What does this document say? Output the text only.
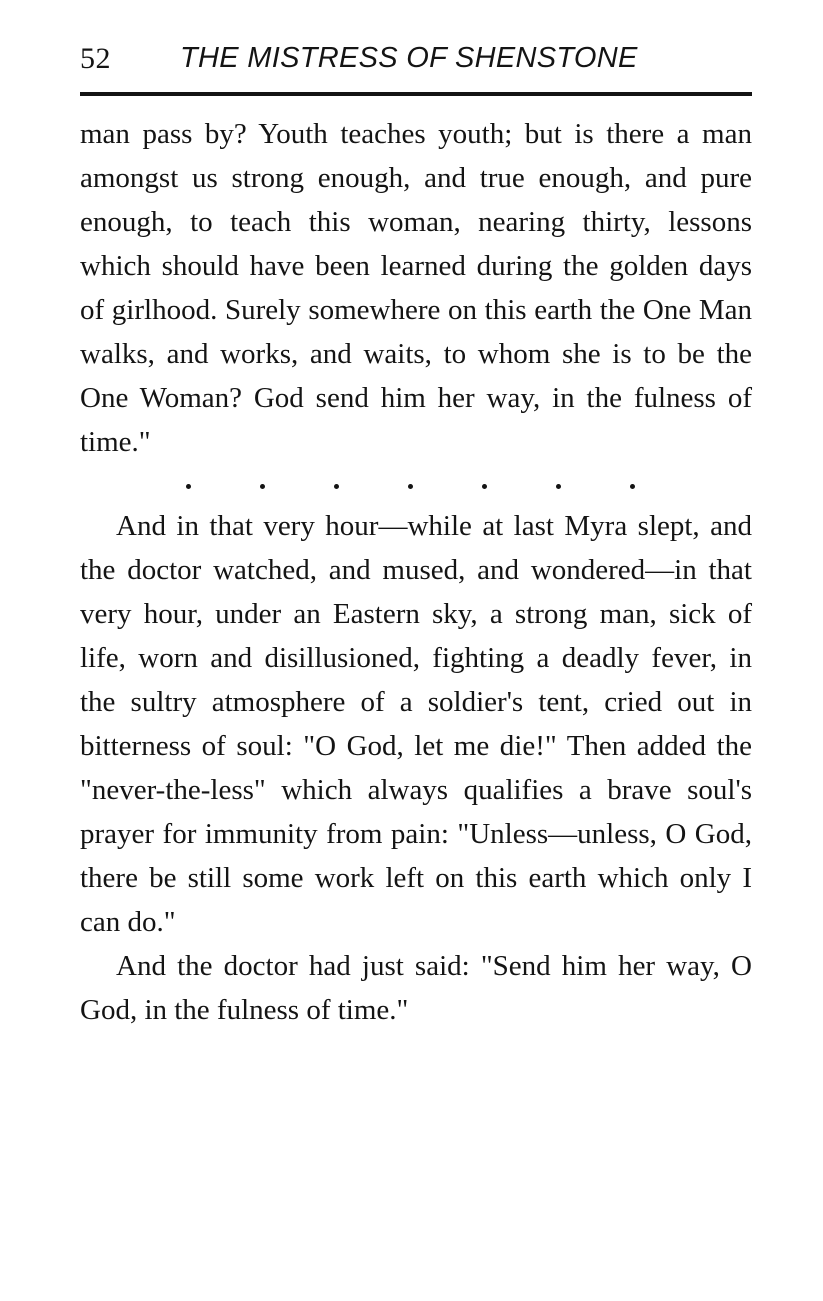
52 THE MISTRESS OF SHENSTONE

man pass by? Youth teaches youth; but is there a man amongst us strong enough, and true enough, and pure enough, to teach this woman, nearing thirty, lessons which should have been learned during the golden days of girlhood. Surely somewhere on this earth the One Man walks, and works, and waits, to whom she is to be the One Woman? God send him her way, in the fulness of time."

And in that very hour—while at last Myra slept, and the doctor watched, and mused, and wondered—in that very hour, under an Eastern sky, a strong man, sick of life, worn and disillusioned, fighting a deadly fever, in the sultry atmosphere of a soldier's tent, cried out in bitterness of soul: "O God, let me die!" Then added the "never-the-less" which always qualifies a brave soul's prayer for immunity from pain: "Unless—unless, O God, there be still some work left on this earth which only I can do."

And the doctor had just said: "Send him her way, O God, in the fulness of time."
